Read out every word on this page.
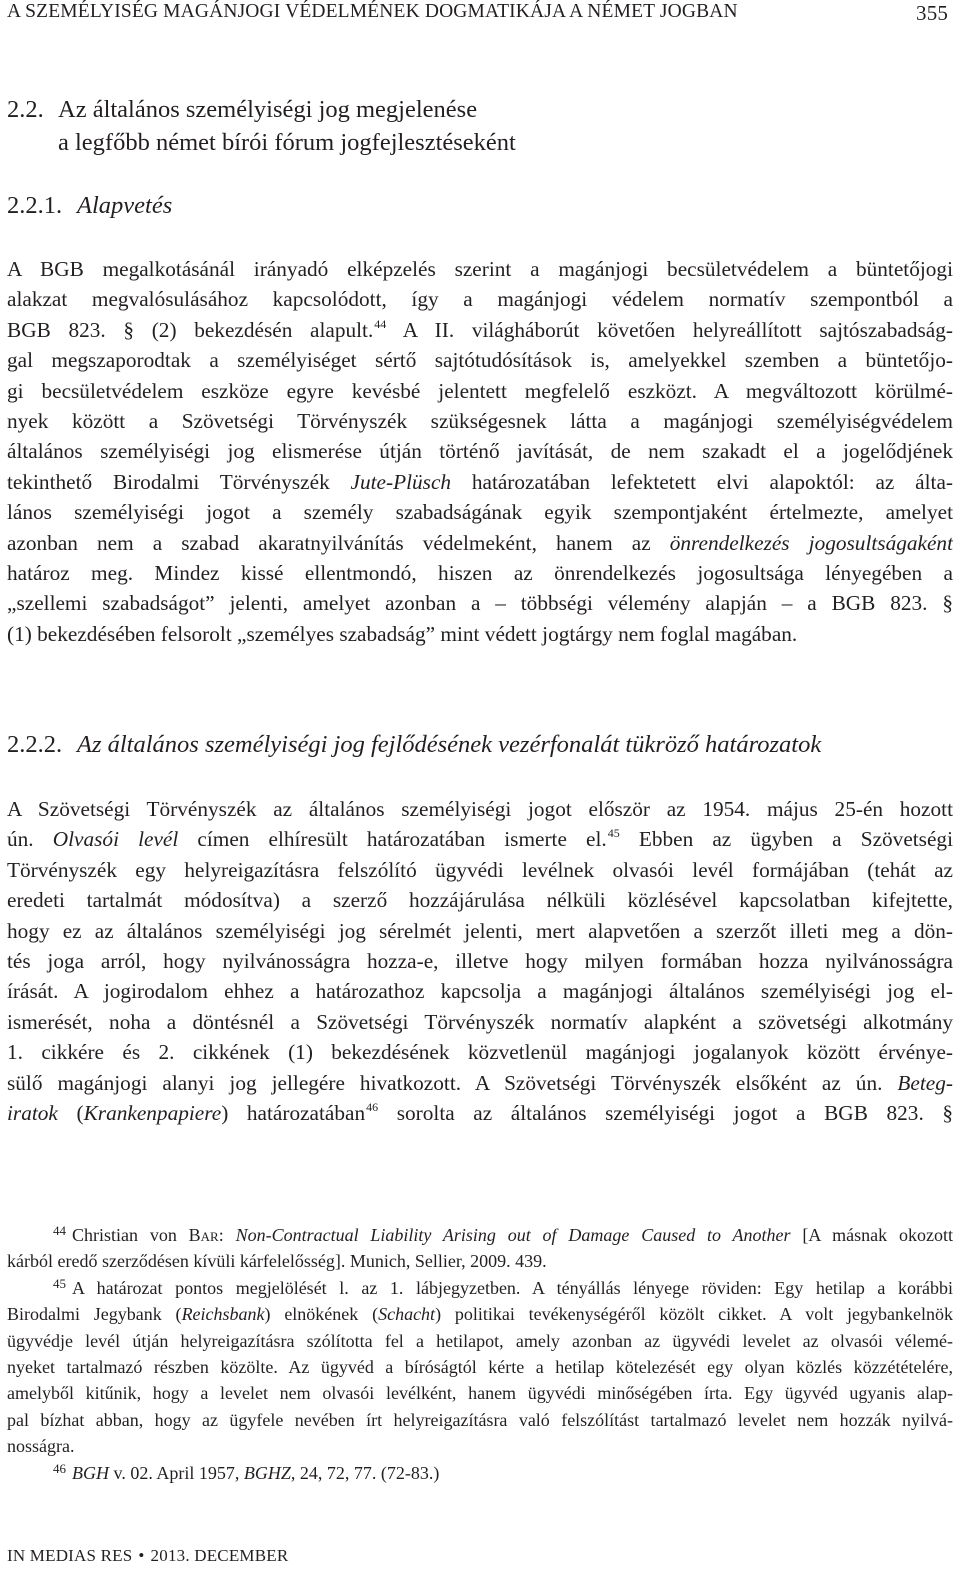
A SZEMÉLYISÉG MAGÁNJOGI VÉDELMÉNEK DOGMATIKÁJA A NÉMET JOGBAN	355
2.2. Az általános személyiségi jog megjelenése
a legfőbb német bírói fórum jogfejlesztéseként
2.2.1. Alapvetés
A BGB megalkotásánál irányadó elképzelés szerint a magánjogi becsületvédelem a büntetőjogi
alakzat megvalósulásához kapcsolódott, így a magánjogi védelem normatív szempontból a
BGB 823. § (2) bekezdésén alapult.$^{44}$ A II. világháborút követően helyreállított sajtószabadság-
gal megszaporodtak a személyiséget sértő sajtótudósítások is, amelyekkel szemben a büntetőjo-
gi becsületvédelem eszköze egyre kevésbé jelentett megfelelő eszközt. A megváltozott körülmé-
nyek között a Szövetségi Törvényszék szükségesnek látta a magánjogi személyiségvédelem
általános személyiségi jog elismerése útján történő javítását, de nem szakadt el a jogelődjének
tekinthető Birodalmi Törvényszék Jute-Plüsch határozatában lefektetett elvi alapoktól: az álta-
lános személyiségi jogot a személy szabadságának egyik szempontjaként értelmezte, amelyet
azonban nem a szabad akaratnyilvánítás védelmeként, hanem az önrendelkezés jogosultságaként
határoz meg. Mindez kissé ellentmondó, hiszen az önrendelkezés jogosultsága lényegében a
„szellemi szabadságot” jelenti, amelyet azonban a – többségi vélemény alapján – a BGB 823. §
(1) bekezdésében felsorolt „személyes szabadság” mint védett jogtárgy nem foglal magában.
2.2.2. Az általános személyiségi jog fejlődésének vezérfonalát tükröző határozatok
A Szövetségi Törvényszék az általános személyiségi jogot először az 1954. május 25-én hozott
ún. Olvasói levél címen elhíresült határozatában ismerte el.$^{45}$ Ebben az ügyben a Szövetségi
Törvényszék egy helyreigazításra felszólító ügyvédi levélnek olvasói levél formájában (tehát az
eredeti tartalmát módosítva) a szerző hozzájárulása nélküli közlésével kapcsolatban kifejtette,
hogy ez az általános személyiségi jog sérelmét jelenti, mert alapvetően a szerzőt illeti meg a dön-
tés joga arról, hogy nyilvánosságra hozza-e, illetve hogy milyen formában hozza nyilvánosságra
írását. A jogirodalom ehhez a határozathoz kapcsolja a magánjogi általános személyiségi jog el-
ismerését, noha a döntésnél a Szövetségi Törvényszék normatív alapként a szövetségi alkotmány
1. cikkére és 2. cikkének (1) bekezdésének közvetlenül magánjogi jogalanyok között érvénye-
sülő magánjogi alanyi jog jellegére hivatkozott. A Szövetségi Törvényszék elsőként az ún. Beteg-
iratok (Krankenpapiere) határozatában$^{46}$ sorolta az általános személyiségi jogot a BGB 823. §
$^{44}$ Christian von Bar: Non-Contractual Liability Arising out of Damage Caused to Another [A másnak okozott
kárból eredő szerződésen kívüli kárfelelősség]. Munich, Sellier, 2009. 439.
$^{45}$ A határozat pontos megjelölését l. az 1. lábjegyzetben. A tényállás lényege röviden: Egy hetilap a korábbi
Birodalmi Jegybank (Reichsbank) elnökének (Schacht) politikai tevékenységéről közölt cikket. A volt jegybankelnök
ügyvédje levél útján helyreigazításra szólította fel a hetilapot, amely azonban az ügyvédi levelet az olvasói vélemé-
nyeket tartalmazó részben közölte. Az ügyvéd a bíróságtól kérte a hetilap kötelezését egy olyan közlés közzétételére,
amelyből kitűnik, hogy a levelet nem olvasói levélként, hanem ügyvédi minőségében írta. Egy ügyvéd ugyanis alap-
pal bízhat abban, hogy az ügyfele nevében írt helyreigazításra való felszólítást tartalmazó levelet nem hozzák nyilvá-
nosságra.
$^{46}$ BGH v. 02. April 1957, BGHZ, 24, 72, 77. (72-83.)
IN MEDIAS RES • 2013. DECEMBER
